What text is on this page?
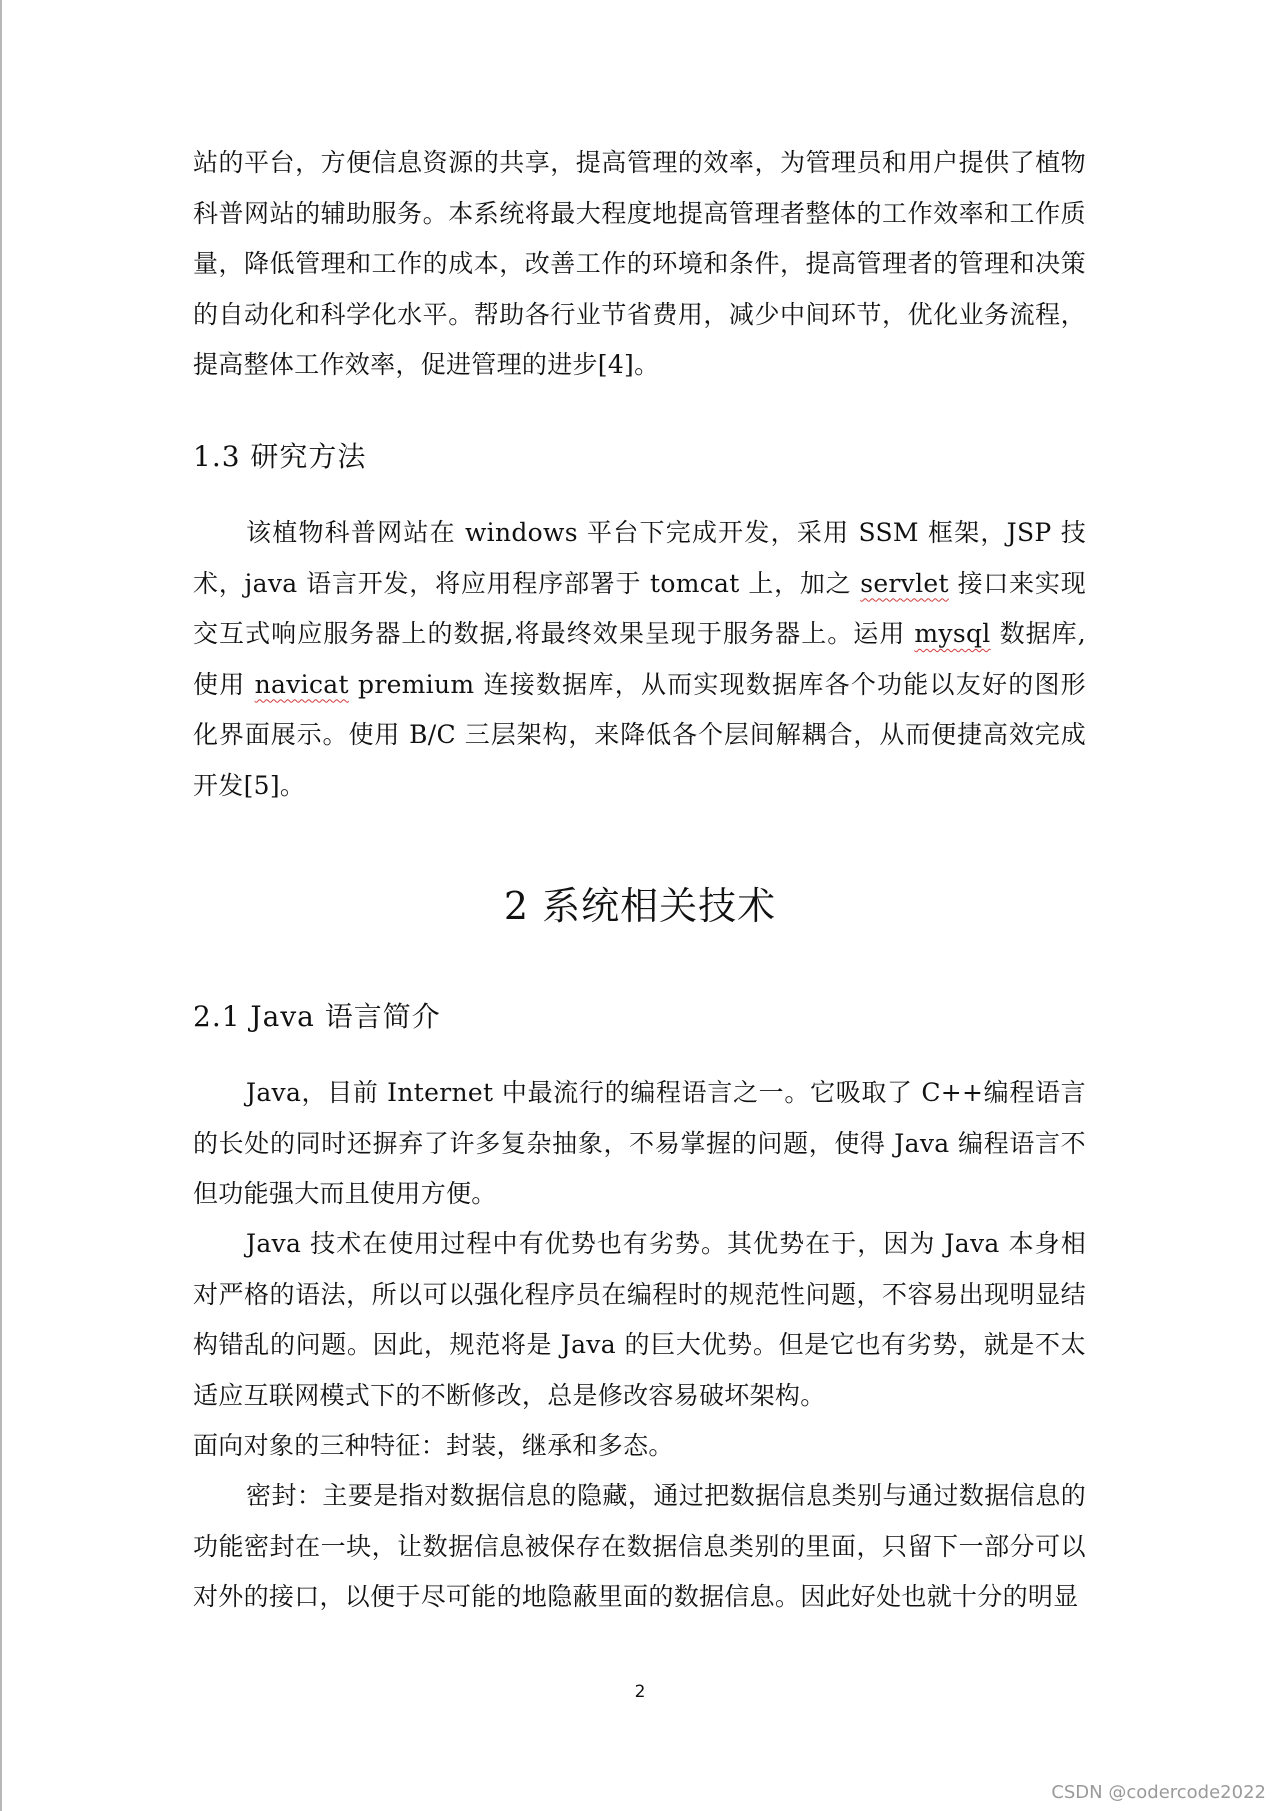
站的平台，方便信息资源的共享，提高管理的效率，为管理员和用户提供了植物科普网站的辅助服务。本系统将最大程度地提高管理者整体的工作效率和工作质量，降低管理和工作的成本，改善工作的环境和条件，提高管理者的管理和决策的自动化和科学化水平。帮助各行业节省费用，减少中间环节，优化业务流程，提高整体工作效率，促进管理的进步[4]。

1.3 研究方法

该植物科普网站在 windows 平台下完成开发，采用 SSM 框架，JSP 技术，java 语言开发，将应用程序部署于 tomcat 上，加之 servlet 接口来实现交互式响应服务器上的数据,将最终效果呈现于服务器上。运用 mysql 数据库,使用 navicat premium 连接数据库，从而实现数据库各个功能以友好的图形化界面展示。使用 B/C 三层架构，来降低各个层间解耦合，从而便捷高效完成开发[5]。

2 系统相关技术
2.1 Java 语言简介

Java，目前 Internet 中最流行的编程语言之一。它吸取了 C++编程语言的长处的同时还摒弃了许多复杂抽象，不易掌握的问题，使得 Java 编程语言不但功能强大而且使用方便。

Java 技术在使用过程中有优势也有劣势。其优势在于，因为 Java 本身相对严格的语法，所以可以强化程序员在编程时的规范性问题，不容易出现明显结构错乱的问题。因此，规范将是 Java 的巨大优势。但是它也有劣势，就是不太适应互联网模式下的不断修改，总是修改容易破坏架构。

面向对象的三种特征：封装，继承和多态。

密封：主要是指对数据信息的隐藏，通过把数据信息类别与通过数据信息的功能密封在一块，让数据信息被保存在数据信息类别的里面，只留下一部分可以对外的接口，以便于尽可能的地隐蔽里面的数据信息。因此好处也就十分的明显

2
CSDN @codercode2022
